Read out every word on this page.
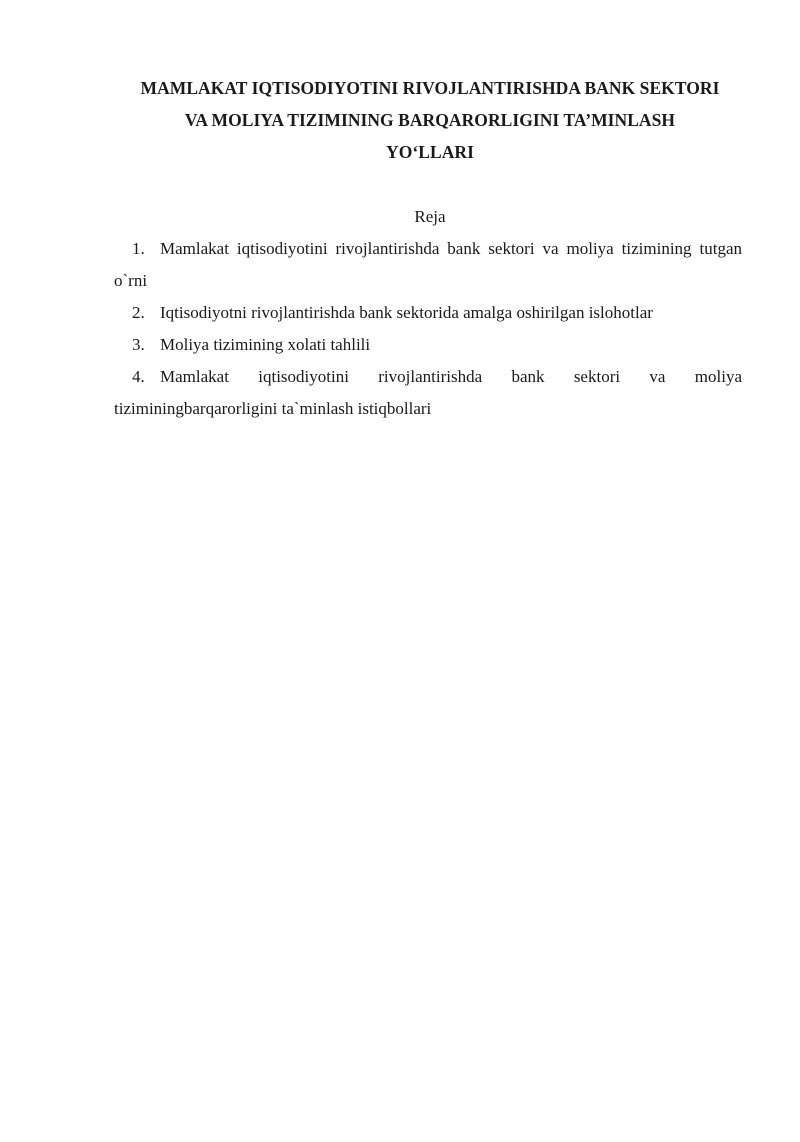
MAMLAKAT IQTISODIYOTINI RIVOJLANTIRISHDA BANK SEKTORI
VA MOLIYA TIZIMINING BARQARORLIGINI TA’MINLASH
YO‘LLARI
Reja

1. Mamlakat iqtisodiyotini rivojlantirishda bank sektori va moliya tizimining tutgan o`rni

2. Iqtisodiyotni rivojlantirishda bank sektorida amalga oshirilgan islohotlar

3. Moliya tizimining xolati tahlili

4. Mamlakat iqtisodiyotini rivojlantirishda bank sektori va moliya tiziminingbarqarorligini ta`minlash istiqbollari
